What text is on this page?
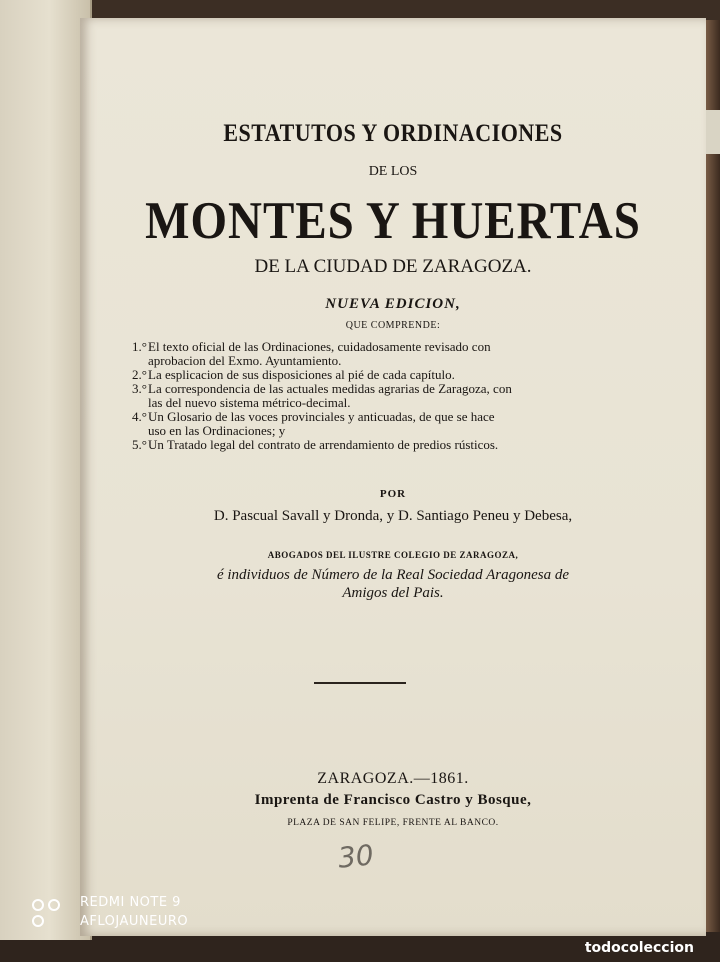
ESTATUTOS Y ORDINACIONES
DE LOS
MONTES Y HUERTAS
DE LA CIUDAD DE ZARAGOZA.
NUEVA EDICION,
QUE COMPRENDE:
1.° El texto oficial de las Ordinaciones, cuidadosamente revisado con
aprobacion del Exmo. Ayuntamiento.
2.° La esplicacion de sus disposiciones al pié de cada capítulo.
3.° La correspondencia de las actuales medidas agrarias de Zaragoza, con
las del nuevo sistema métrico-decimal.
4.° Un Glosario de las voces provinciales y anticuadas, de que se hace
uso en las Ordinaciones; y
5.° Un Tratado legal del contrato de arrendamiento de predios rústicos.
POR
D. Pascual Savall y Dronda, y D. Santiago Peneu y Debesa,
ABOGADOS DEL ILUSTRE COLEGIO DE ZARAGOZA,
é individuos de Número de la Real Sociedad Aragonesa de
Amigos del Pais.
ZARAGOZA.—1861.
Imprenta de Francisco Castro y Bosque,
PLAZA DE SAN FELIPE, FRENTE AL BANCO.
30
REDMI NOTE 9
AFLOJAUNEURO
todocoleccion
